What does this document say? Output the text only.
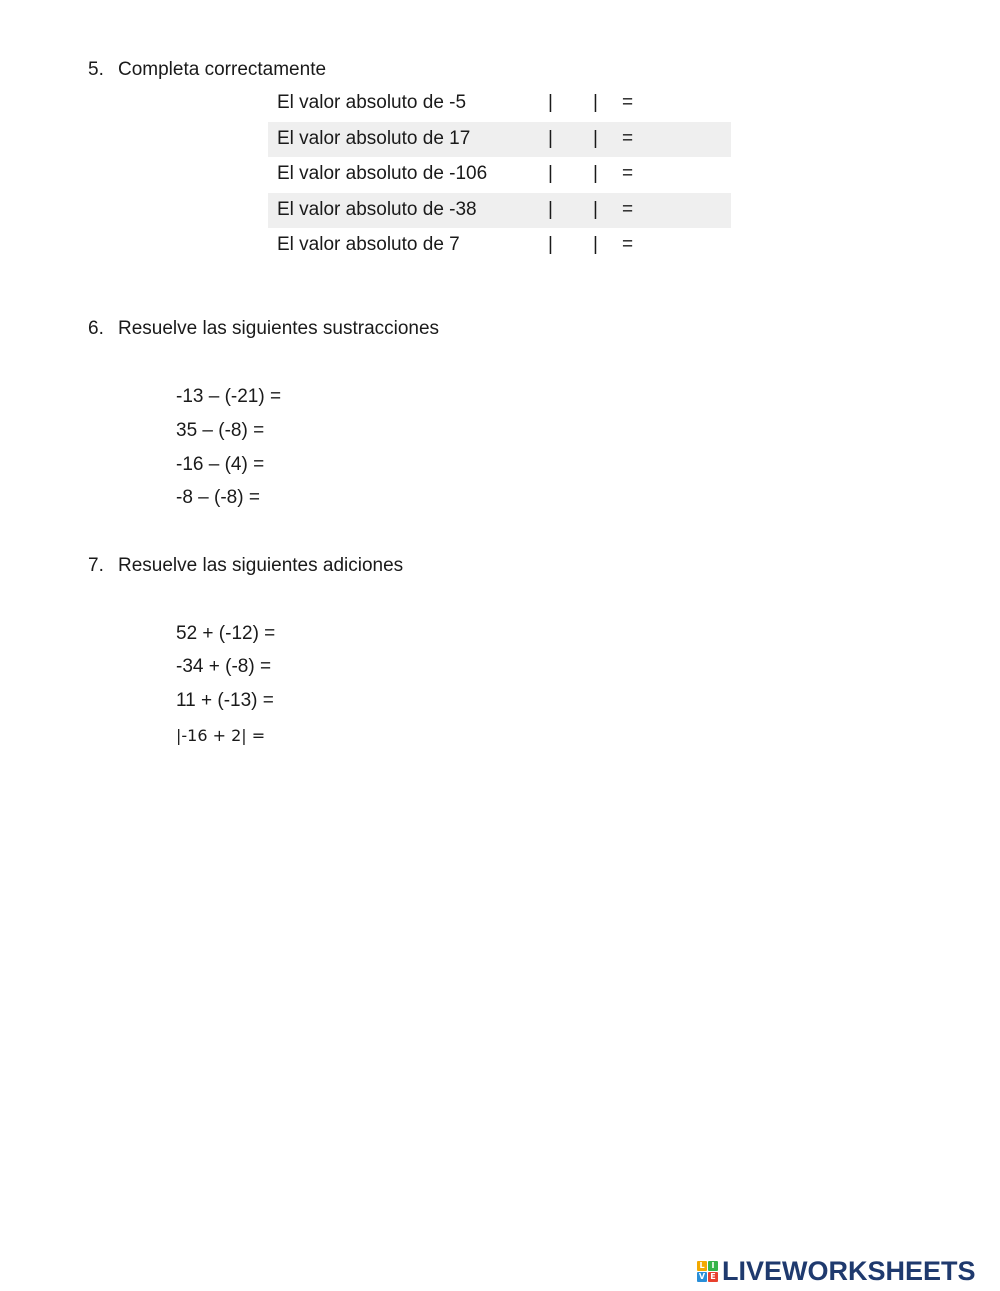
5. Completa correctamente
El valor absoluto de -5	| | =
El valor absoluto de 17	| | =
El valor absoluto de -106	| | =
El valor absoluto de -38	| | =
El valor absoluto de 7	| | =
6. Resuelve las siguientes sustracciones
-13 – (-21) =
35 – (-8) =
-16 – (4) =
-8 – (-8) =
7. Resuelve las siguientes adiciones
52 + (-12) =
-34 + (-8) =
11 + (-13) =
|-16 + 2| =
L I
V E LIVEWORKSHEETS
